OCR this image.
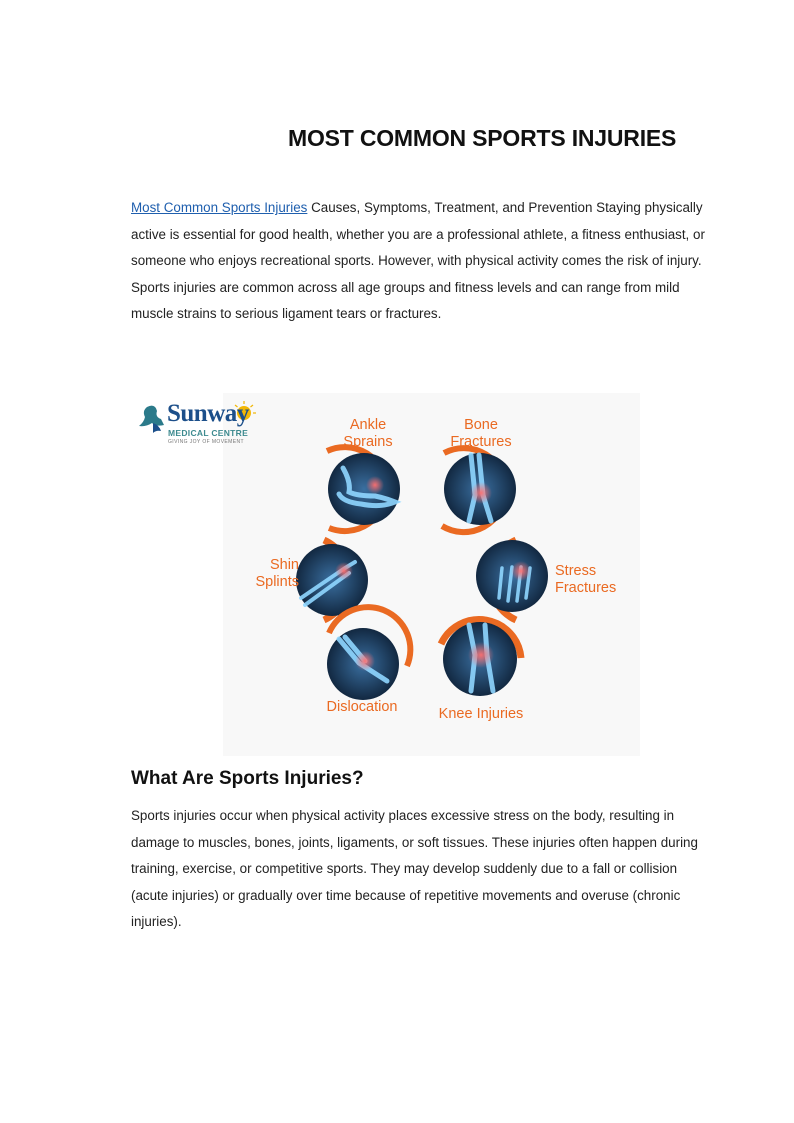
MOST COMMON SPORTS INJURIES

Most Common Sports Injuries Causes, Symptoms, Treatment, and Prevention Staying physically active is essential for good health, whether you are a professional athlete, a fitness enthusiast, or someone who enjoys recreational sports. However, with physical activity comes the risk of injury. Sports injuries are common across all age groups and fitness levels and can range from mild muscle strains to serious ligament tears or fractures.

Sunway
MEDICAL CENTRE
GIVING JOY OF MOVEMENT
Ankle
Sprains
Bone
Fractures
Shin
Splints
Stress
Fractures
Dislocation	Knee Injuries
What Are Sports Injuries?

Sports injuries occur when physical activity places excessive stress on the body, resulting in damage to muscles, bones, joints, ligaments, or soft tissues. These injuries often happen during training, exercise, or competitive sports. They may develop suddenly due to a fall or collision (acute injuries) or gradually over time because of repetitive movements and overuse (chronic injuries).
